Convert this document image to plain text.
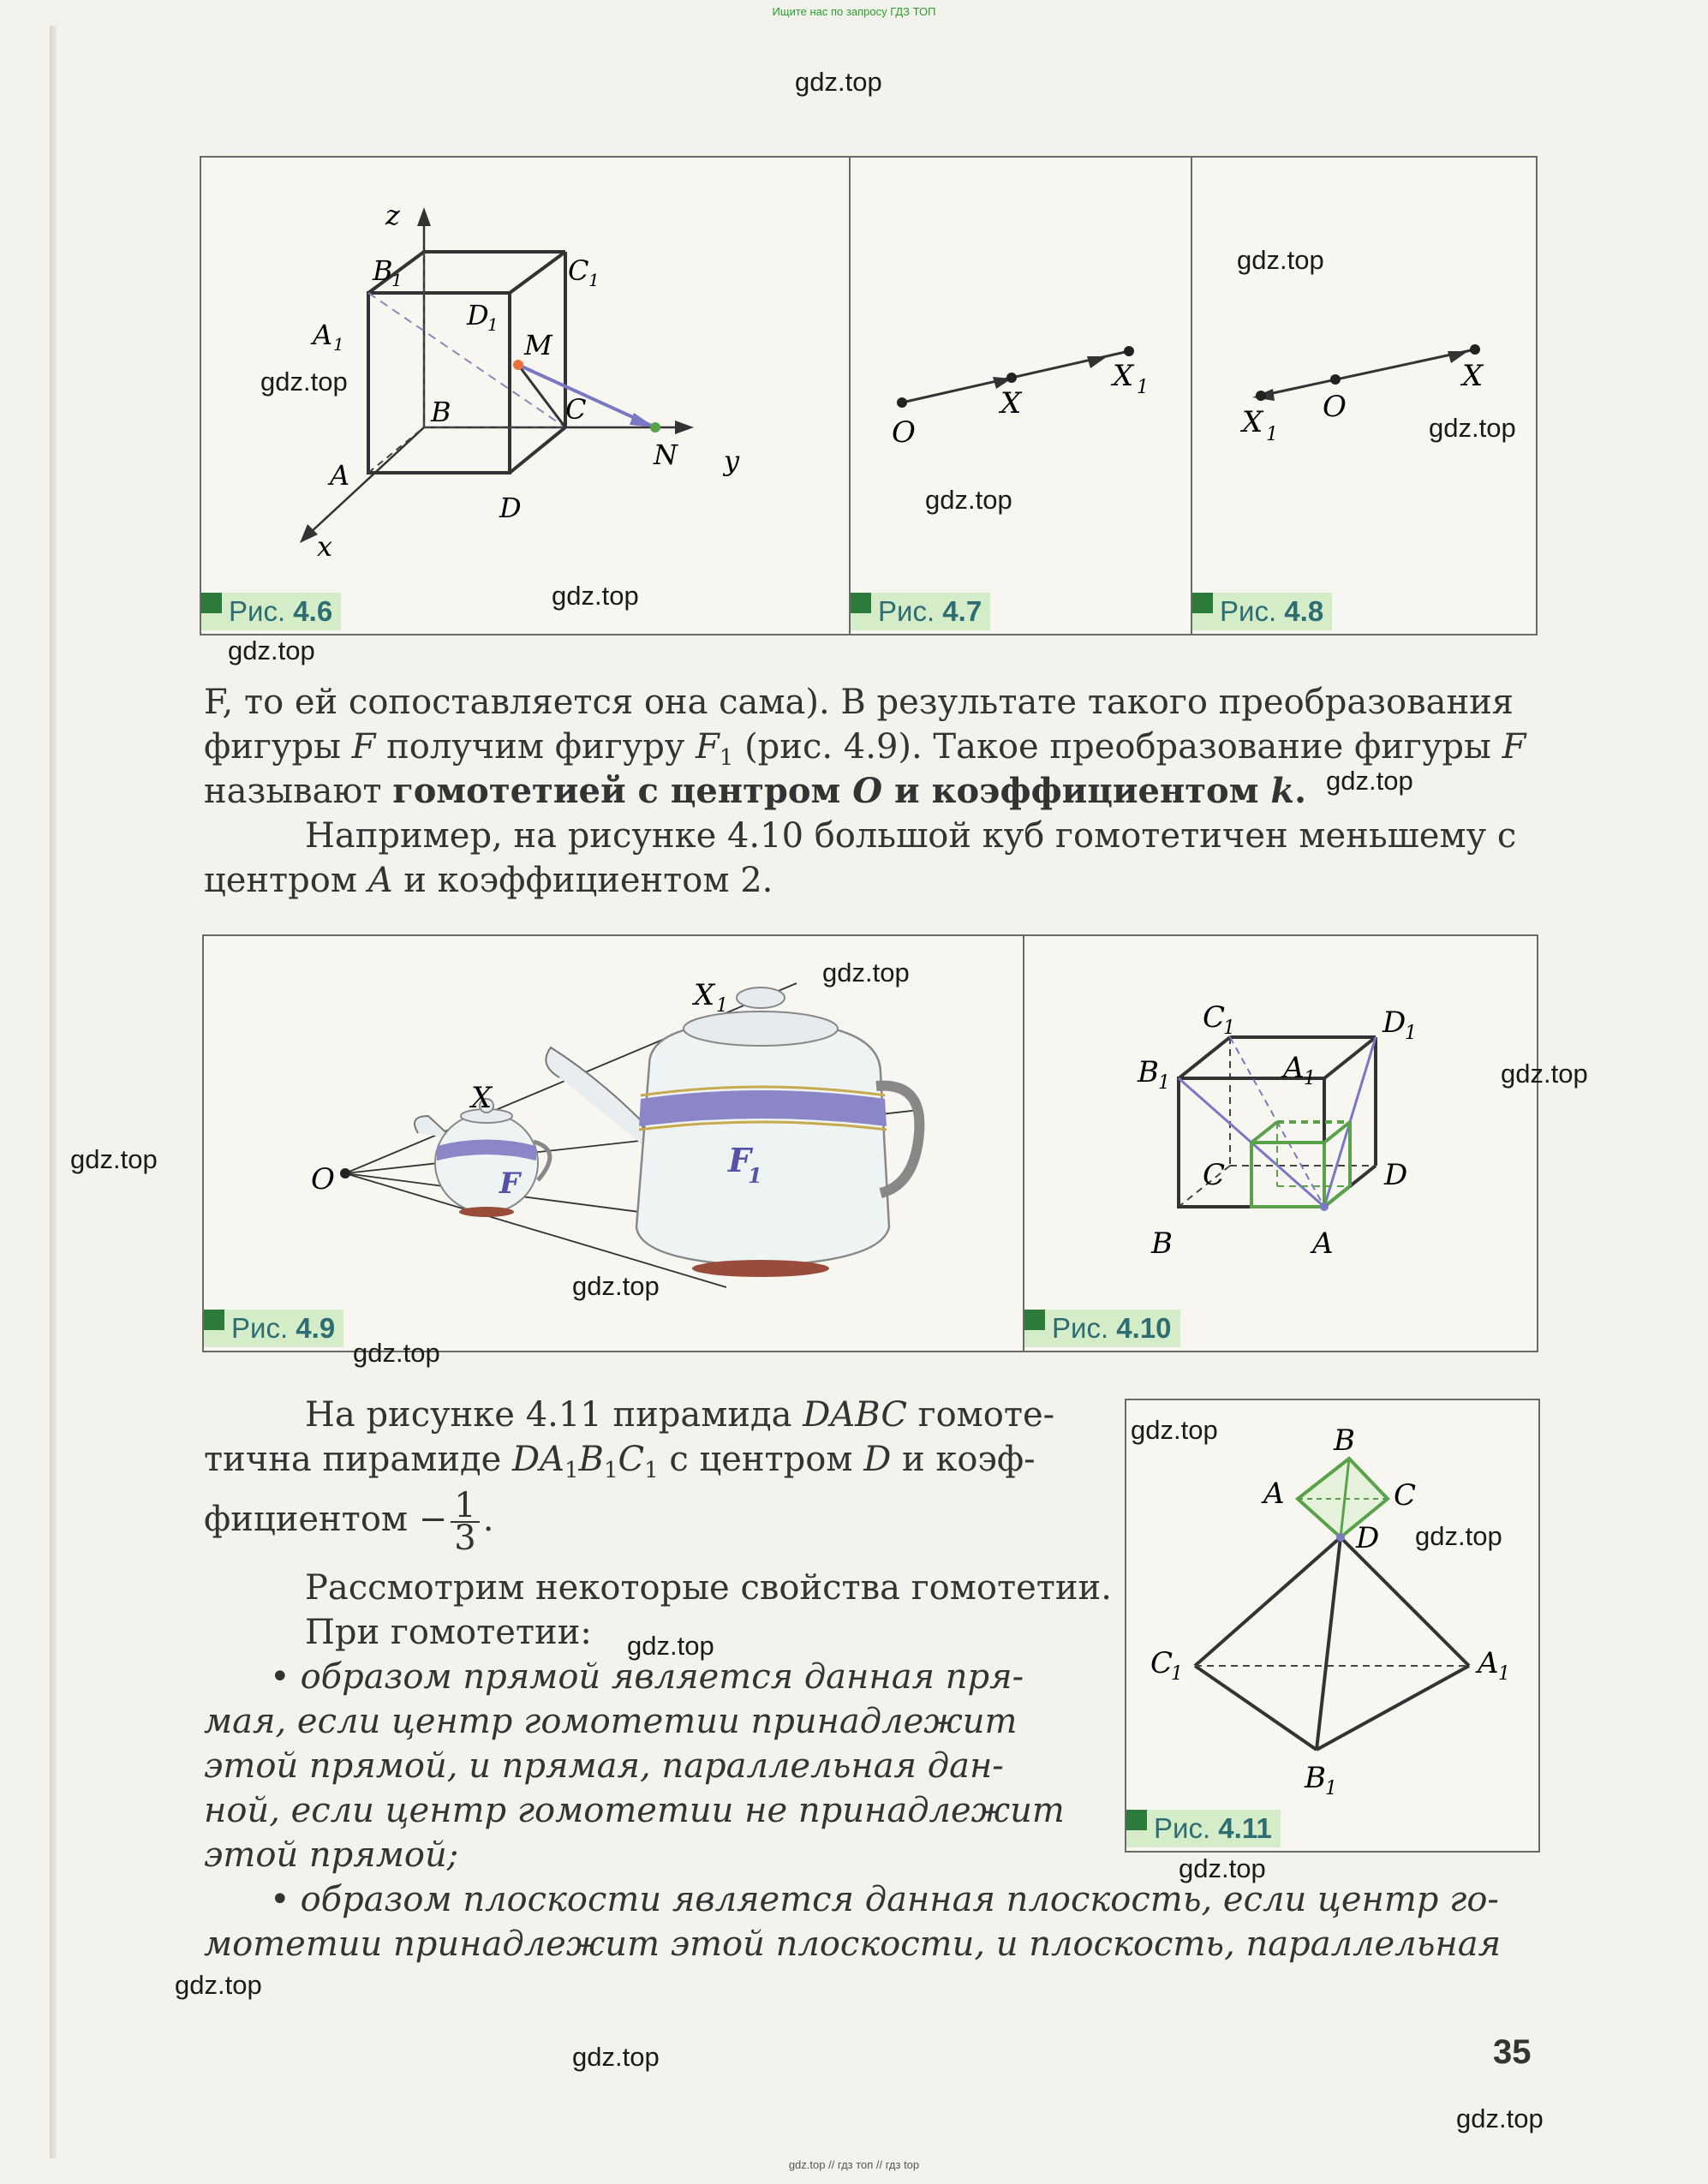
Ищите нас по запросу ГДЗ ТОП
z
y
x
B
1	C 1
D
1
A 1	M
B	C
N
A
D
Рис. 4.6
O
X
X 1
Рис. 4.7
X
O
X 1
Рис. 4.8
F, то ей сопоставляется она сама). В результате такого преобразования
фигуры F получим фигуру $F_1$ (рис. 4.9). Такое преобразование фигуры F
называют гомотетией с центром O и коэффициентом k.
Например, на рисунке 4.10 большой куб гомотетичен меньшему с
центром A и коэффициентом 2.
O
X
X 1
F
F
1
Рис. 4.9
C
1	D
1
B 1	A 1
C	D
B	A
Рис. 4.10
B
A	C
D
C
1	A 1
B 1
Рис. 4.11
На рисунке 4.11 пирамида DABC гомоте-
тична пирамиде $DA_1B_1C_1$ с центром D и коэф-
фициентом − $\frac{1}{3}$ .
Рассмотрим некоторые свойства гомотетии.
При гомотетии:
• образом прямой является данная пря-
мая, если центр гомотетии принадлежит
этой прямой, и прямая, параллельная дан-
ной, если центр гомотетии не принадлежит
этой прямой;
• образом плоскости является данная плоскость, если центр го-
мотетии принадлежит этой плоскости, и плоскость, параллельная
35
gdz.top
gdz.top
gdz.top
gdz.top
gdz.top
gdz.top
gdz.top
gdz.top
gdz.top
gdz.top
gdz.top
gdz.top
gdz.top
gdz.top
gdz.top
gdz.top
gdz.top
gdz.top
gdz.top
gdz.top
gdz.top // гдз топ // гдз top
